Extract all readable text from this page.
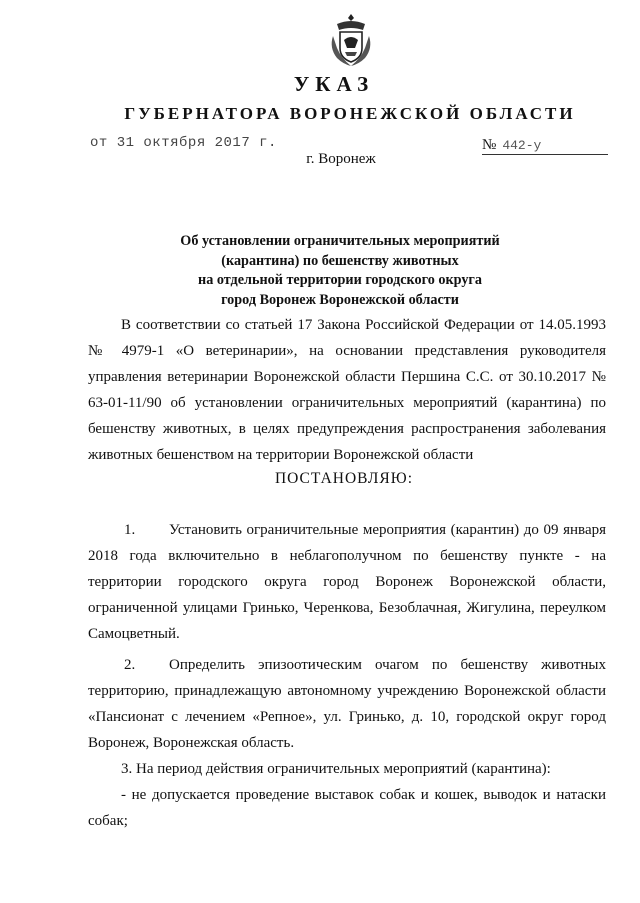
УКАЗ
ГУБЕРНАТОРА ВОРОНЕЖСКОЙ ОБЛАСТИ
от 31 октября 2017 г.	№ 442-у
г. Воронеж
Об установлении ограничительных мероприятий
(карантина) по бешенству животных
на отдельной территории городского округа
город Воронеж Воронежской области
В соответствии со статьей 17 Закона Российской Федерации от 14.05.1993 № 4979-1 «О ветеринарии», на основании представления руководителя управления ветеринарии Воронежской области Першина С.С. от 30.10.2017 № 63-01-11/90 об установлении ограничительных мероприятий (карантина) по бешенству животных, в целях предупреждения распространения заболевания животных бешенством на территории Воронежской области
ПОСТАНОВЛЯЮ:
1. Установить ограничительные мероприятия (карантин) до 09 января 2018 года включительно в неблагополучном по бешенству пункте - на территории городского округа город Воронеж Воронежской области, ограниченной улицами Гринько, Черенкова, Безоблачная, Жигулина, переулком Самоцветный.
2. Определить эпизоотическим очагом по бешенству животных территорию, принадлежащую автономному учреждению Воронежской области «Пансионат с лечением «Репное», ул. Гринько, д. 10, городской округ город Воронеж, Воронежская область.
3. На период действия ограничительных мероприятий (карантина):
- не допускается проведение выставок собак и кошек, выводок и натаски собак;
